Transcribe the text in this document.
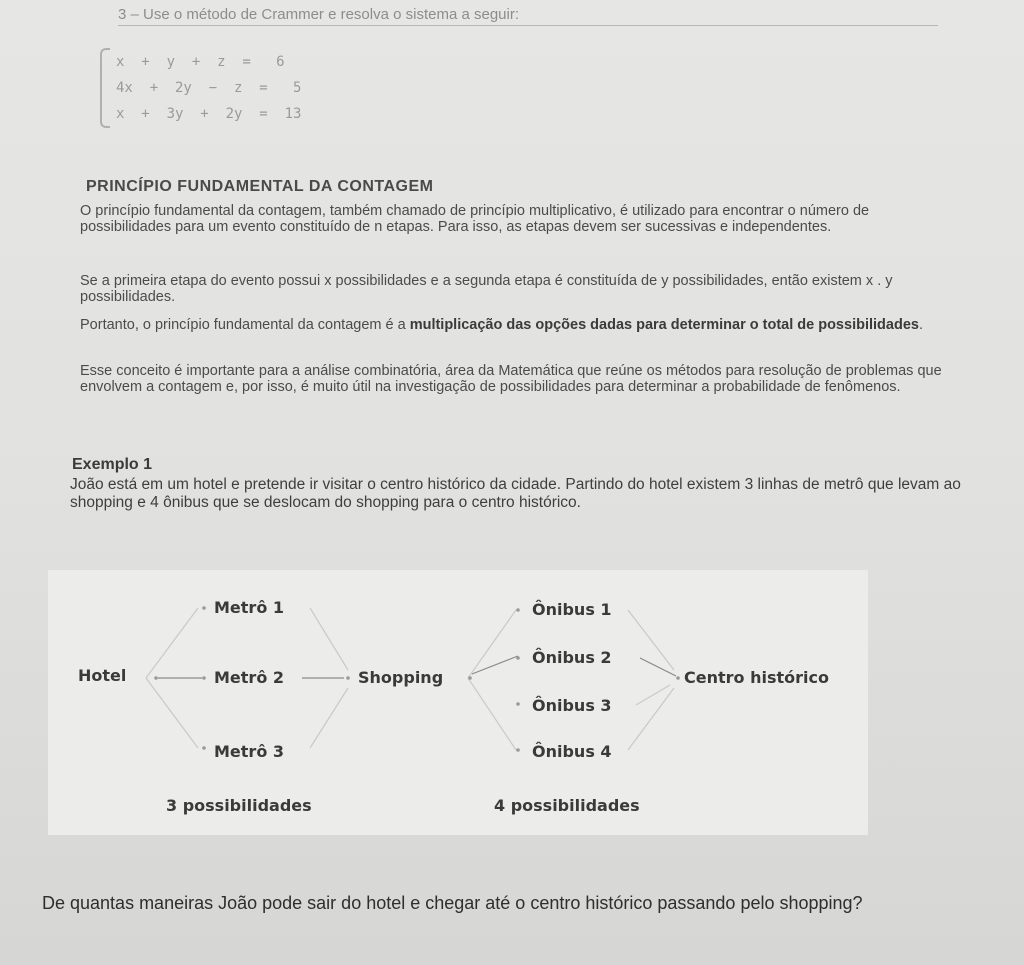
3 – Use o método de Crammer e resolva o sistema a seguir:
x  +  y  +  z  =   6
4x  +  2y  −  z  =   5
x  +  3y  +  2y  =  13
PRINCÍPIO FUNDAMENTAL DA CONTAGEM
O princípio fundamental da contagem, também chamado de princípio multiplicativo, é utilizado para encontrar o número de possibilidades para um evento constituído de n etapas. Para isso, as etapas devem ser sucessivas e independentes.
Se a primeira etapa do evento possui x possibilidades e a segunda etapa é constituída de y possibilidades, então existem x . y possibilidades.
Portanto, o princípio fundamental da contagem é a multiplicação das opções dadas para determinar o total de possibilidades.
Esse conceito é importante para a análise combinatória, área da Matemática que reúne os métodos para resolução de problemas que envolvem a contagem e, por isso, é muito útil na investigação de possibilidades para determinar a probabilidade de fenômenos.
Exemplo 1
João está em um hotel e pretende ir visitar o centro histórico da cidade. Partindo do hotel existem 3 linhas de metrô que levam ao shopping e 4 ônibus que se deslocam do shopping para o centro histórico.
Hotel
Metrô 1
Metrô 2
Metrô 3
Shopping
Ônibus 1
Ônibus 2
Ônibus 3
Ônibus 4
Centro histórico
3 possibilidades	4 possibilidades
De quantas maneiras João pode sair do hotel e chegar até o centro histórico passando pelo shopping?
